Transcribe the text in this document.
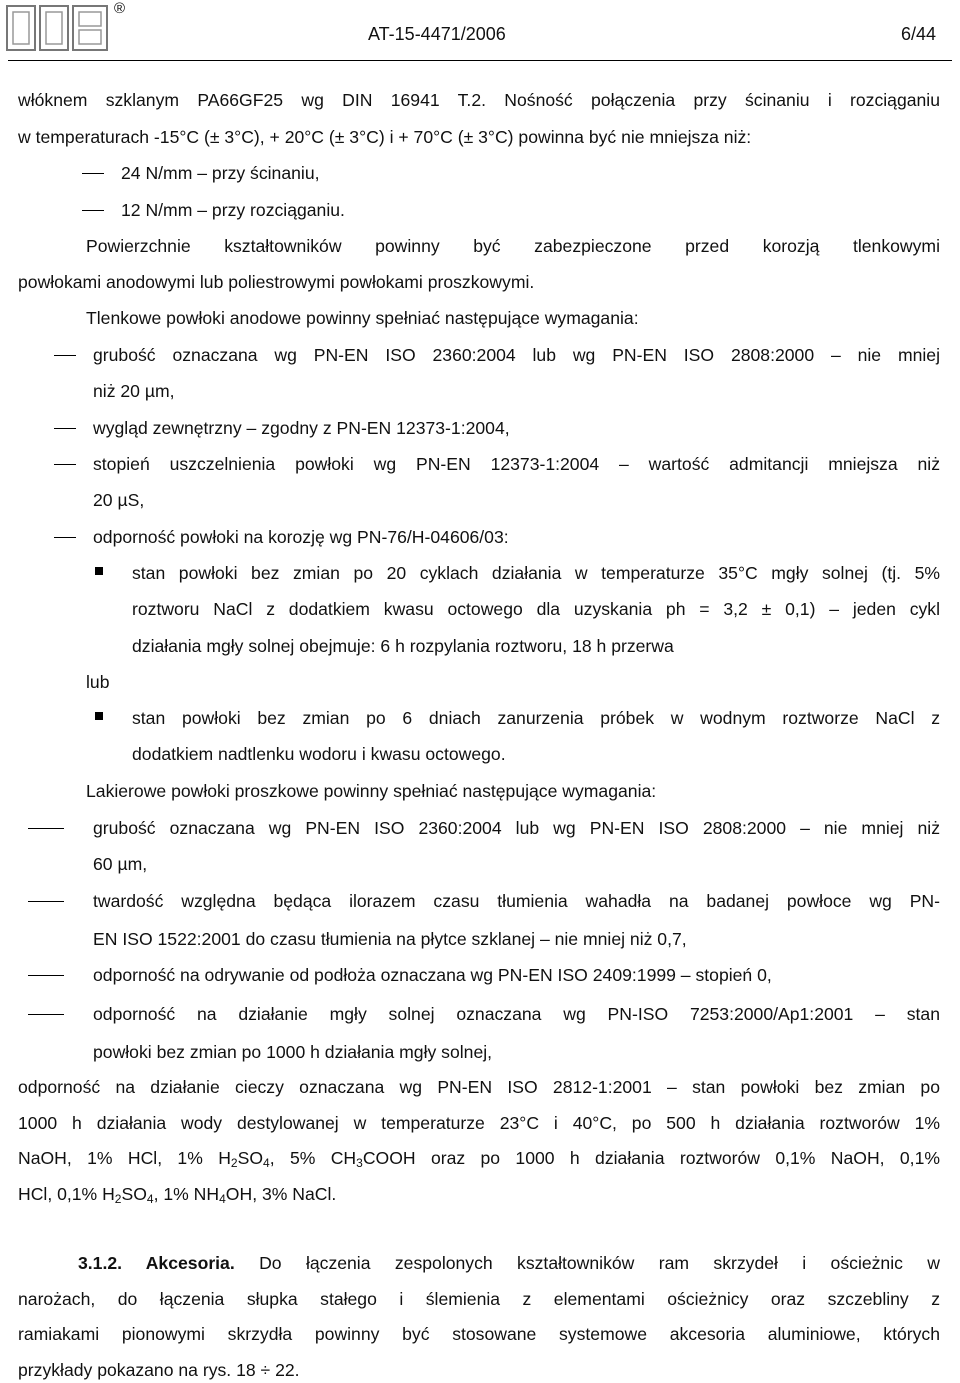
®
AT-15-4471/2006	6/44
włóknem szklanym PA66GF25 wg DIN 16941 T.2. Nośność połączenia przy ścinaniu i rozciąganiu
w temperaturach -15°C (± 3°C), + 20°C (± 3°C) i + 70°C (± 3°C) powinna być nie mniejsza niż:
24 N/mm – przy ścinaniu,
12 N/mm – przy rozciąganiu.
Powierzchnie kształtowników powinny być zabezpieczone przed korozją tlenkowymi
powłokami anodowymi lub poliestrowymi powłokami proszkowymi.
Tlenkowe powłoki anodowe powinny spełniać następujące wymagania:
grubość oznaczana wg PN-EN ISO 2360:2004 lub wg PN-EN ISO 2808:2000 – nie mniej
niż 20 µm,
wygląd zewnętrzny – zgodny z PN-EN 12373-1:2004,
stopień uszczelnienia powłoki wg PN-EN 12373-1:2004 – wartość admitancji mniejsza niż
20 µS,
odporność powłoki na korozję wg PN-76/H-04606/03:
stan powłoki bez zmian po 20 cyklach działania w temperaturze 35°C mgły solnej (tj. 5%
roztworu NaCl z dodatkiem kwasu octowego dla uzyskania ph = 3,2 ± 0,1) – jeden cykl
działania mgły solnej obejmuje: 6 h rozpylania roztworu, 18 h przerwa
lub
stan powłoki bez zmian po 6 dniach zanurzenia próbek w wodnym roztworze NaCl z
dodatkiem nadtlenku wodoru i kwasu octowego.
Lakierowe powłoki proszkowe powinny spełniać następujące wymagania:
grubość oznaczana wg PN-EN ISO 2360:2004 lub wg PN-EN ISO 2808:2000 – nie mniej niż
60 µm,
twardość względna będąca ilorazem czasu tłumienia wahadła na badanej powłoce wg PN-
EN ISO 1522:2001 do czasu tłumienia na płytce szklanej – nie mniej niż 0,7,
odporność na odrywanie od podłoża oznaczana wg PN-EN ISO 2409:1999 – stopień 0,
odporność na działanie mgły solnej oznaczana wg PN-ISO 7253:2000/Ap1:2001 – stan
powłoki bez zmian po 1000 h działania mgły solnej,
odporność na działanie cieczy oznaczana wg PN-EN ISO 2812-1:2001 – stan powłoki bez zmian po
1000 h działania wody destylowanej w temperaturze 23°C i 40°C, po 500 h działania roztworów 1%
NaOH, 1% HCl, 1% $H_2SO_4$, 5% $CH_3COOH$ oraz po 1000 h działania roztworów 0,1% NaOH, 0,1%
HCl, 0,1% $H_2SO_4$, 1% $NH_4OH$, 3% NaCl.
3.1.2. Akcesoria. Do łączenia zespolonych kształtowników ram skrzydeł i ościeżnic w
narożach, do łączenia słupka stałego i ślemienia z elementami ościeżnicy oraz szczebliny z
ramiakami pionowymi skrzydła powinny być stosowane systemowe akcesoria aluminiowe, których
przykłady pokazano na rys. 18 ÷ 22.
